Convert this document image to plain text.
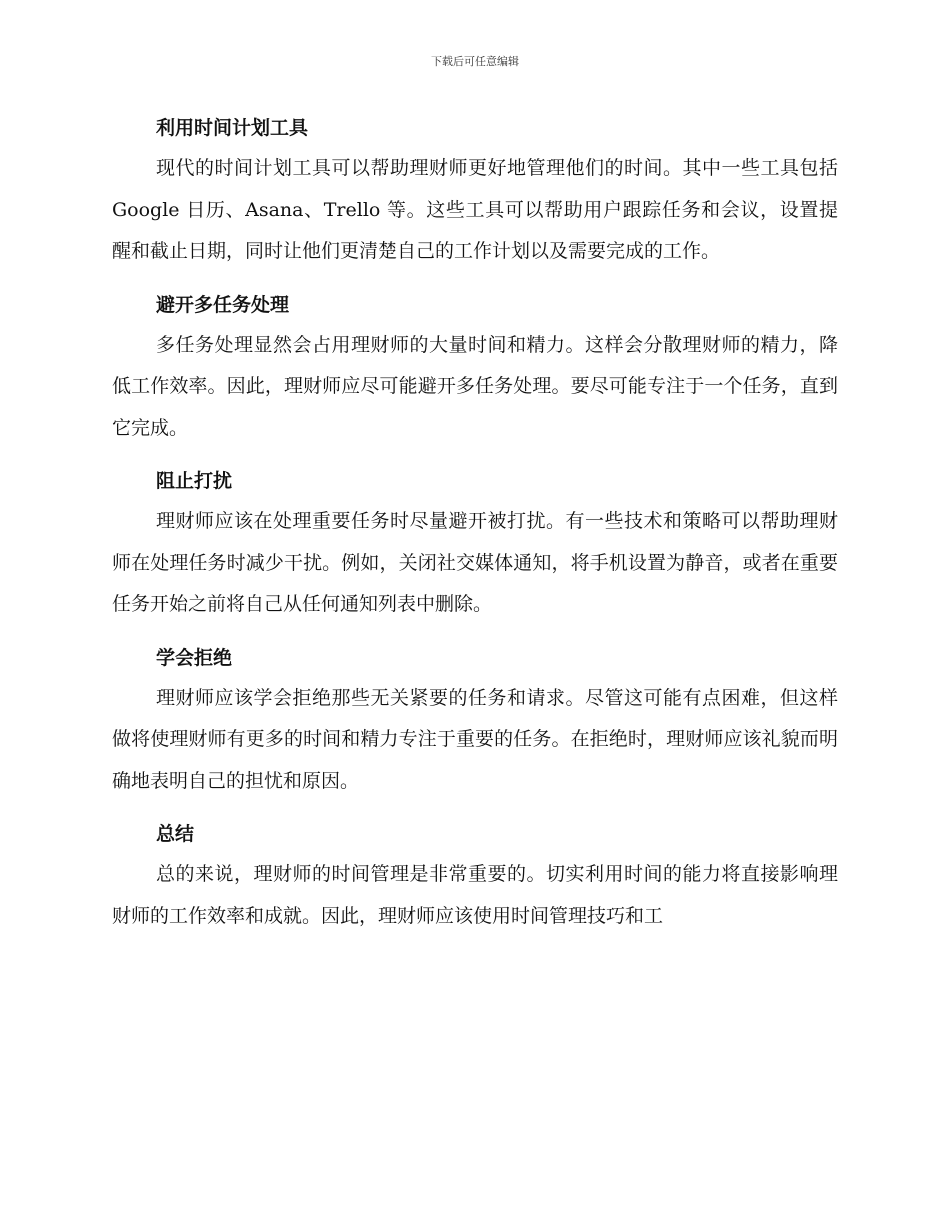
下载后可任意编辑
利用时间计划工具

现代的时间计划工具可以帮助理财师更好地管理他们的时间。其中一些工具包括 Google 日历、Asana、Trello 等。这些工具可以帮助用户跟踪任务和会议，设置提醒和截止日期，同时让他们更清楚自己的工作计划以及需要完成的工作。

避开多任务处理

多任务处理显然会占用理财师的大量时间和精力。这样会分散理财师的精力，降低工作效率。因此，理财师应尽可能避开多任务处理。要尽可能专注于一个任务，直到它完成。

阻止打扰

理财师应该在处理重要任务时尽量避开被打扰。有一些技术和策略可以帮助理财师在处理任务时减少干扰。例如，关闭社交媒体通知，将手机设置为静音，或者在重要任务开始之前将自己从任何通知列表中删除。

学会拒绝

理财师应该学会拒绝那些无关紧要的任务和请求。尽管这可能有点困难，但这样做将使理财师有更多的时间和精力专注于重要的任务。在拒绝时，理财师应该礼貌而明确地表明自己的担忧和原因。

总结

总的来说，理财师的时间管理是非常重要的。切实利用时间的能力将直接影响理财师的工作效率和成就。因此，理财师应该使用时间管理技巧和工
